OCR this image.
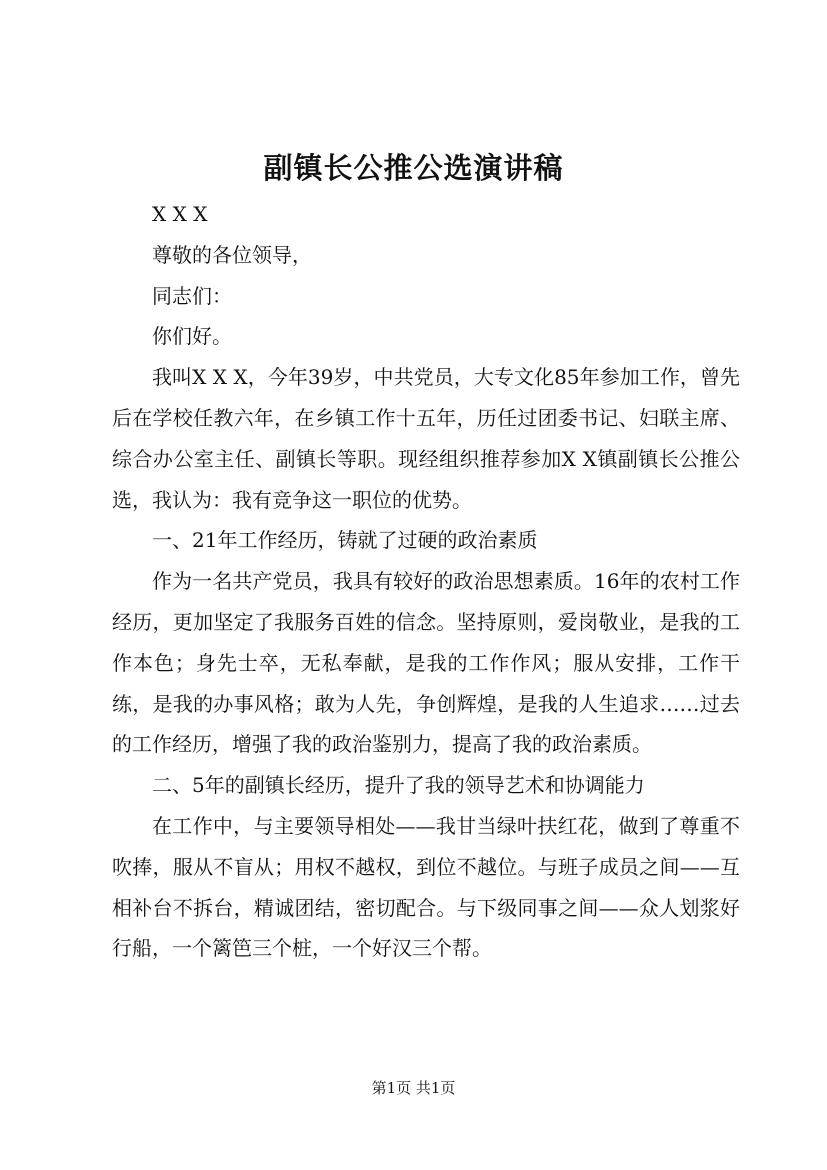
副镇长公推公选演讲稿

X X X

尊敬的各位领导，

同志们：

你们好。

我叫X X X，今年39岁，中共党员，大专文化85年参加工作，曾先后在学校任教六年，在乡镇工作十五年，历任过团委书记、妇联主席、综合办公室主任、副镇长等职。现经组织推荐参加X X镇副镇长公推公选，我认为：我有竞争这一职位的优势。

一、21年工作经历，铸就了过硬的政治素质

作为一名共产党员，我具有较好的政治思想素质。16年的农村工作经历，更加坚定了我服务百姓的信念。坚持原则，爱岗敬业，是我的工作本色；身先士卒，无私奉献，是我的工作作风；服从安排，工作干练，是我的办事风格；敢为人先，争创辉煌，是我的人生追求……过去的工作经历，增强了我的政治鉴别力，提高了我的政治素质。

二、5年的副镇长经历，提升了我的领导艺术和协调能力

在工作中，与主要领导相处——我甘当绿叶扶红花，做到了尊重不吹捧，服从不盲从；用权不越权，到位不越位。与班子成员之间——互相补台不拆台，精诚团结，密切配合。与下级同事之间——众人划浆好行船，一个篱笆三个桩，一个好汉三个帮。

第1页 共1页
